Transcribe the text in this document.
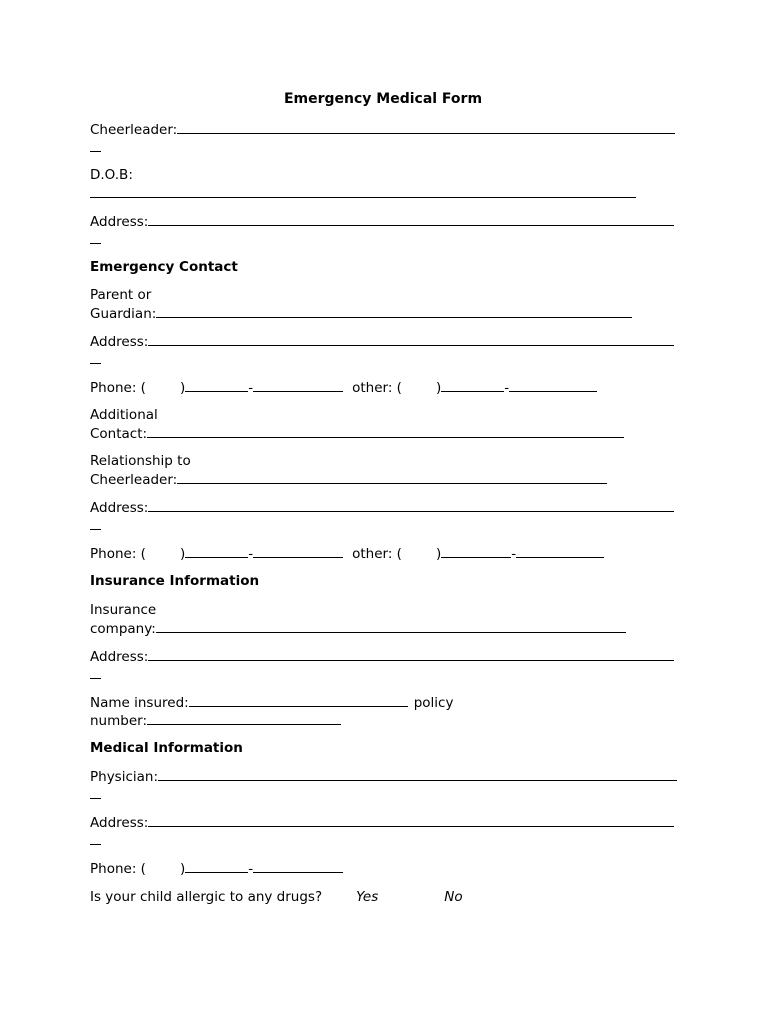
Emergency Medical Form
Cheerleader:
D.O.B:
Address:
Emergency Contact
Parent or
Guardian:
Address:
Phone: (	)	-	other: (	)	-
Additional
Contact:
Relationship to
Cheerleader:
Address:
Phone: (	)	-	other: (	)	-
Insurance Information
Insurance
company:
Address:
Name insured:	policy
number:
Medical Information
Physician:
Address:
Phone: (	)	-
Is your child allergic to any drugs?	Yes	No
